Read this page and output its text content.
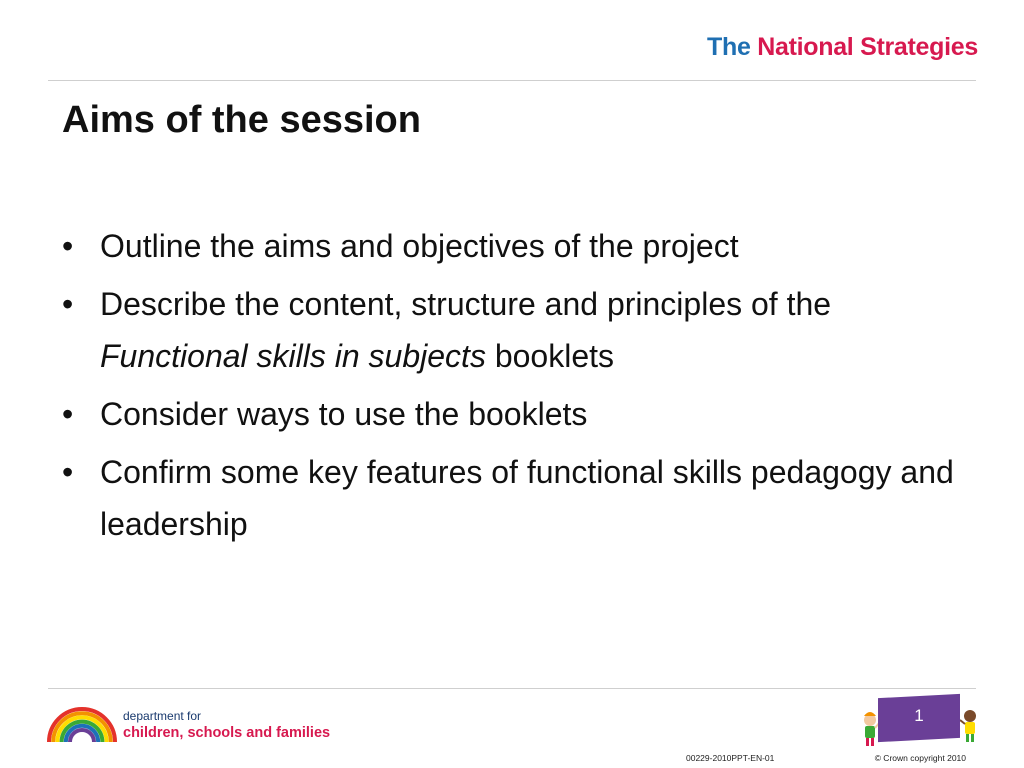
The National Strategies
Aims of the session
• Outline the aims and objectives of the project
• Describe the content, structure and principles of the Functional skills in subjects booklets
• Consider ways to use the booklets
• Confirm some key features of functional skills pedagogy and leadership
department for
children, schools and families
1
00229-2010PPT-EN-01	© Crown copyright 2010
